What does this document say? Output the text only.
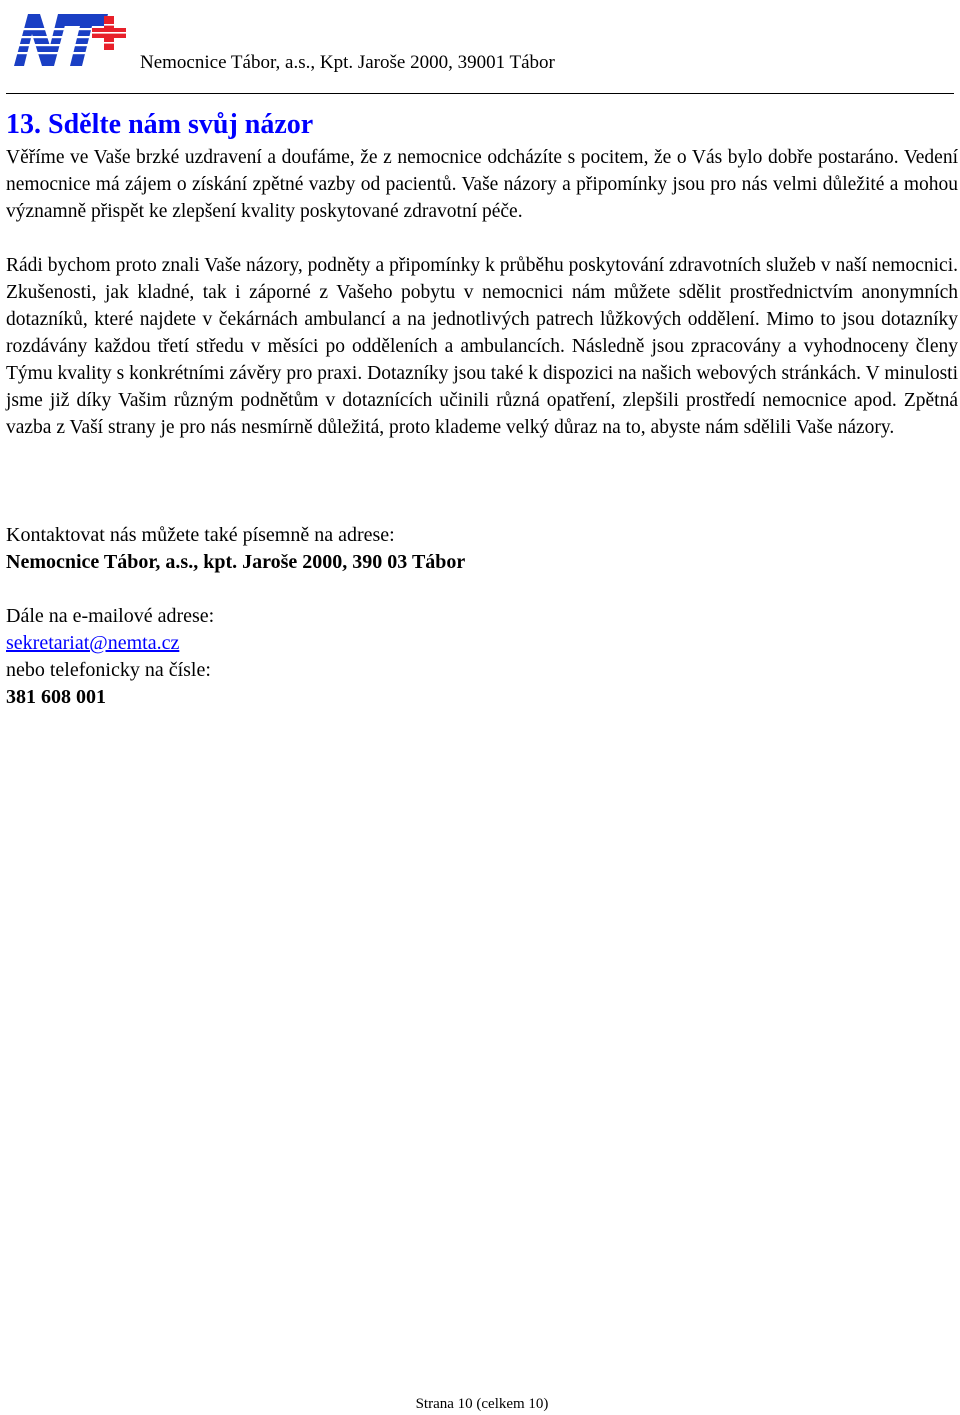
Nemocnice Tábor, a.s., Kpt. Jaroše 2000, 39001 Tábor
13. Sdělte nám svůj názor

Věříme ve Vaše brzké uzdravení a doufáme, že z nemocnice odcházíte s pocitem, že o Vás bylo dobře postaráno. Vedení nemocnice má zájem o získání zpětné vazby od pacientů. Vaše názory a připomínky jsou pro nás velmi důležité a mohou významně přispět ke zlepšení kvality poskytované zdravotní péče.

Rádi bychom proto znali Vaše názory, podněty a připomínky k průběhu poskytování zdravotních služeb v naší nemocnici. Zkušenosti, jak kladné, tak i záporné z Vašeho pobytu v nemocnici nám můžete sdělit prostřednictvím anonymních dotazníků, které najdete v čekárnách ambulancí a na jednotlivých patrech lůžkových oddělení. Mimo to jsou dotazníky rozdávány každou třetí středu v měsíci po odděleních a ambulancích. Následně jsou zpracovány a vyhodnoceny členy Týmu kvality s konkrétními závěry pro praxi. Dotazníky jsou také k dispozici na našich webových stránkách. V minulosti jsme již díky Vašim různým podnětům v dotaznících učinili různá opatření, zlepšili prostředí nemocnice apod. Zpětná vazba z Vaší strany je pro nás nesmírně důležitá, proto klademe velký důraz na to, abyste nám sdělili Vaše názory.

Kontaktovat nás můžete také písemně na adrese:
Nemocnice Tábor, a.s., kpt. Jaroše 2000, 390 03 Tábor
Dále na e-mailové adrese:
sekretariat@nemta.cz
nebo telefonicky na čísle:
381 608 001
Strana 10 (celkem 10)
